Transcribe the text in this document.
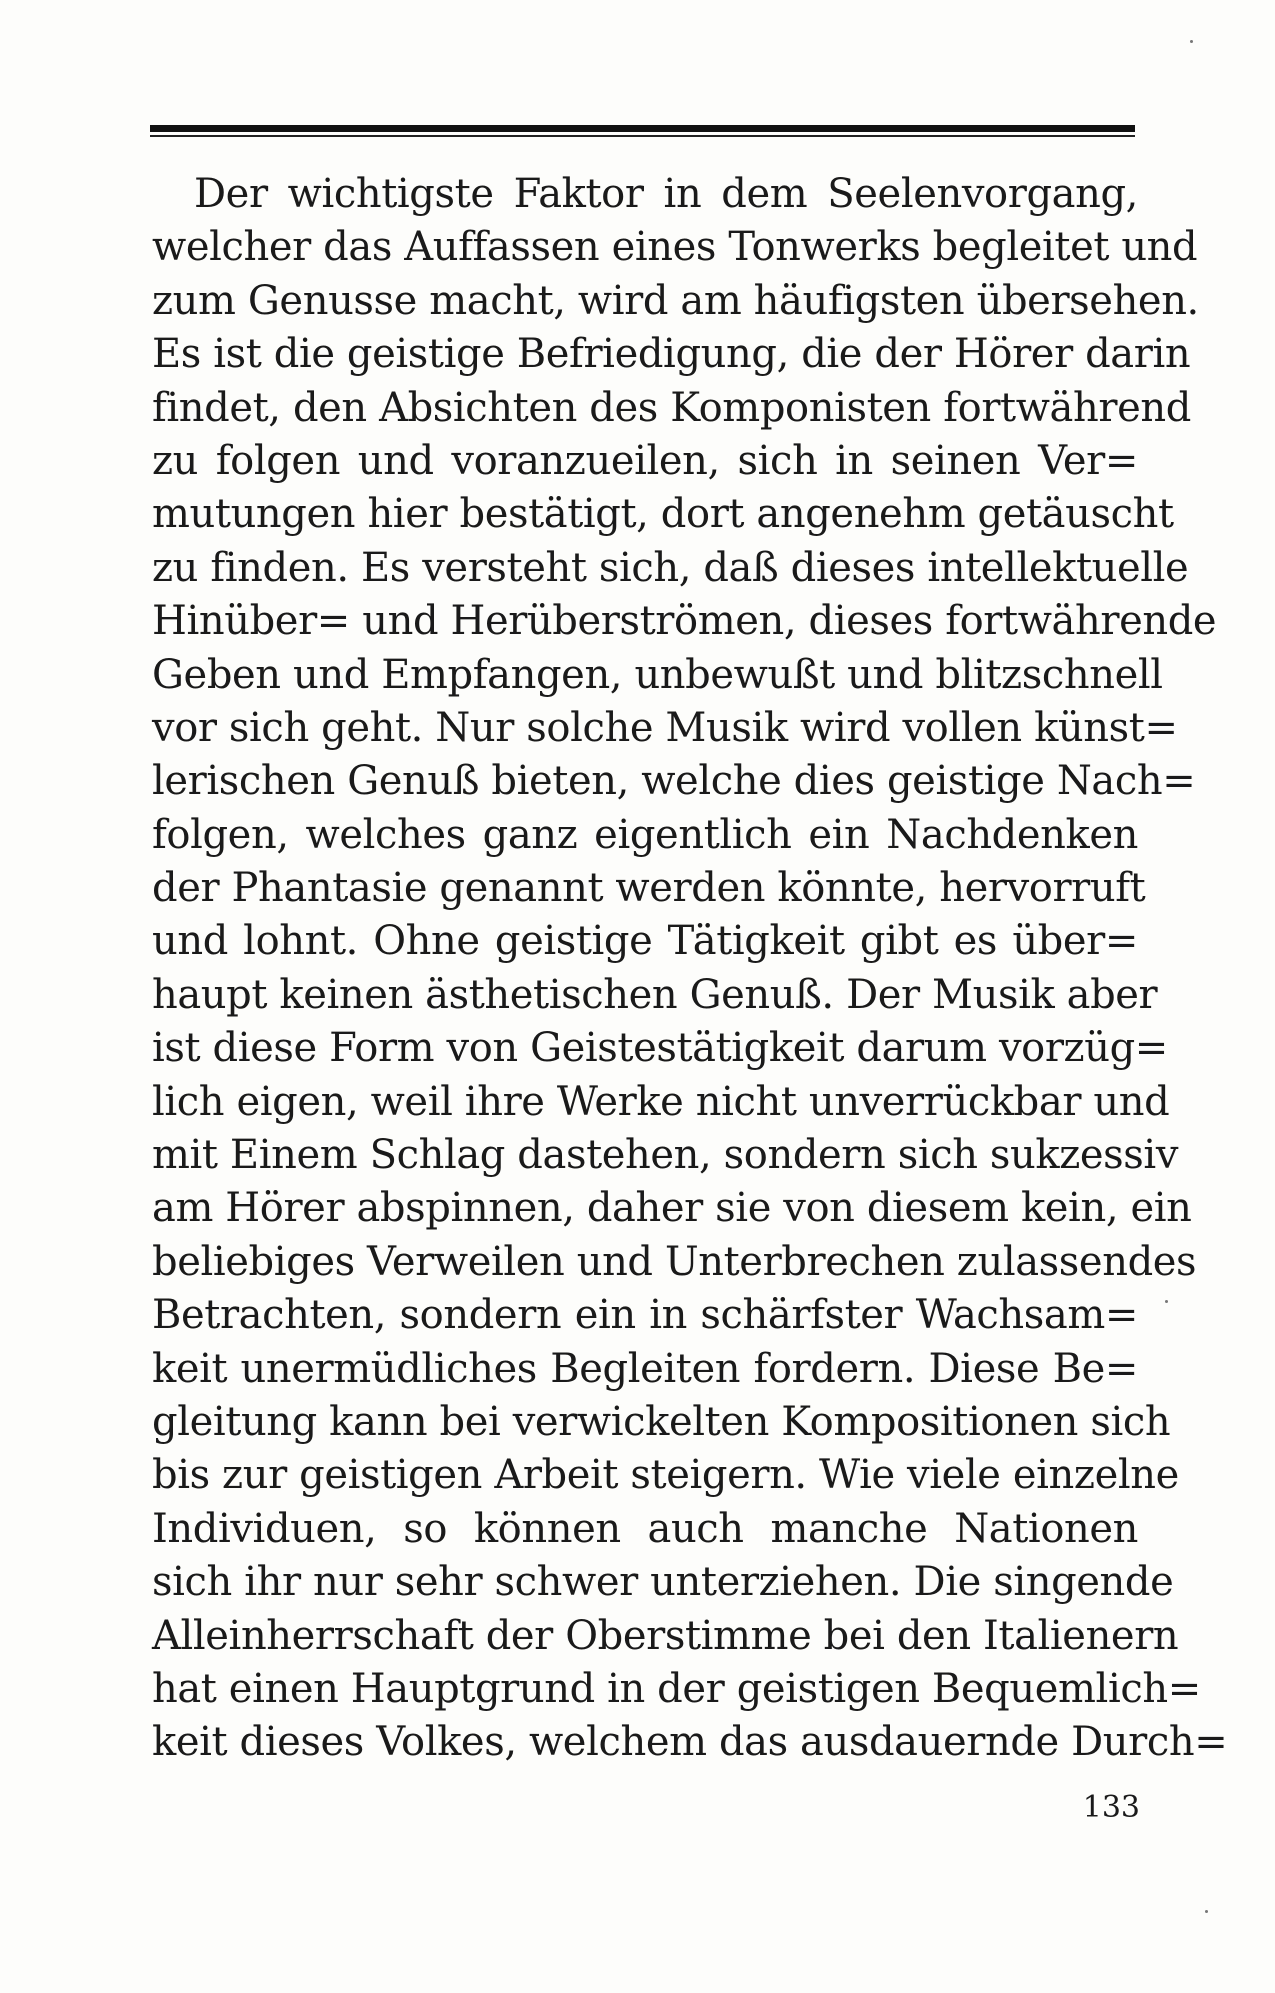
Der wichtigste Faktor in dem Seelenvorgang,
welcher das Auffassen eines Tonwerks begleitet und
zum Genusse macht, wird am häufigsten übersehen.
Es ist die geistige Befriedigung, die der Hörer darin
findet, den Absichten des Komponisten fortwährend
zu folgen und voranzueilen, sich in seinen Ver=
mutungen hier bestätigt, dort angenehm getäuscht
zu finden. Es versteht sich, daß dieses intellektuelle
Hinüber= und Herüberströmen, dieses fortwährende
Geben und Empfangen, unbewußt und blitzschnell
vor sich geht. Nur solche Musik wird vollen künst=
lerischen Genuß bieten, welche dies geistige Nach=
folgen, welches ganz eigentlich ein Nachdenken
der Phantasie genannt werden könnte, hervorruft
und lohnt. Ohne geistige Tätigkeit gibt es über=
haupt keinen ästhetischen Genuß. Der Musik aber
ist diese Form von Geistestätigkeit darum vorzüg=
lich eigen, weil ihre Werke nicht unverrückbar und
mit Einem Schlag dastehen, sondern sich sukzessiv
am Hörer abspinnen, daher sie von diesem kein, ein
beliebiges Verweilen und Unterbrechen zulassendes
Betrachten, sondern ein in schärfster Wachsam=
keit unermüdliches Begleiten fordern. Diese Be=
gleitung kann bei verwickelten Kompositionen sich
bis zur geistigen Arbeit steigern. Wie viele einzelne
Individuen, so können auch manche Nationen
sich ihr nur sehr schwer unterziehen. Die singende
Alleinherrschaft der Oberstimme bei den Italienern
hat einen Hauptgrund in der geistigen Bequemlich=
keit dieses Volkes, welchem das ausdauernde Durch=
133
